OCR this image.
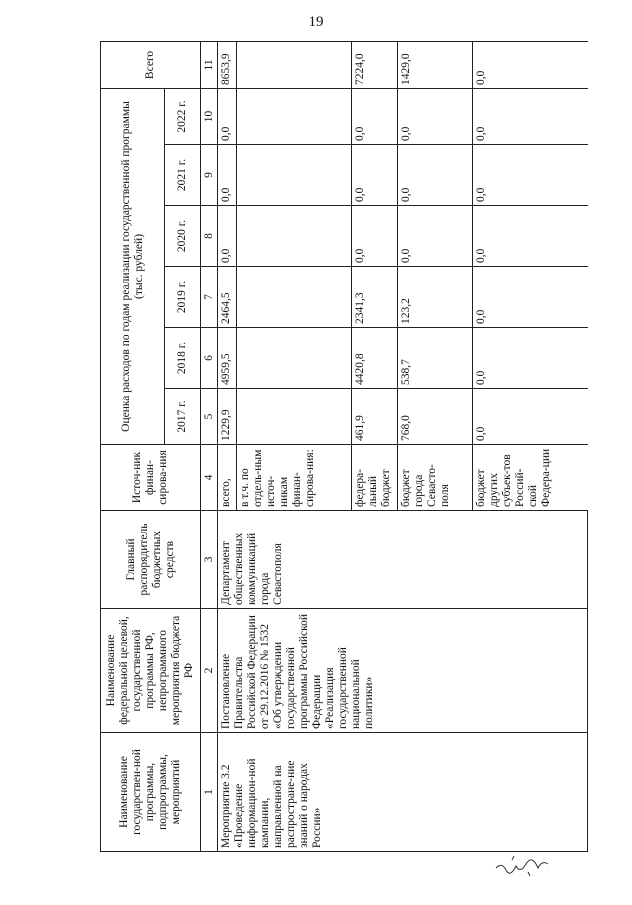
19
Наименование государствен-ной программы, подпрограммы, мероприятий	Наименование федеральной целевой, государственной программы РФ, непрограммного мероприятия бюджета РФ	Главный распорядитель бюджетных средств	Источ-ник финан-сирова-ния	Оценка расходов по годам реализации государственной программы (тыс. рублей)						Всего
				2017 г.	2018 г.	2019 г.	2020 г.	2021 г.	2022 г.	
1	2	3	4	5	6	7	8	9	10	11
Мероприятие 3.2 «Проведение информацион-ной кампании, направленной на распростране-ние знаний о народах России»	Постановление Правительства Российской Федерации от 29.12.2016 № 1532 «Об утверждении государственной программы Российской Федерации «Реализация государственной национальной политики»	Департамент общественных коммуникаций города Севастополя	всего,	1229,9	4959,5	2464,5	0,0	0,0	0,0	8653,9
			в т.ч. по отдель-ным источ-никам финан-сирова-ния:							
			федера-льный бюджет	461,9	4420,8	2341,3	0,0	0,0	0,0	7224,0
			бюджет города Севасто-поля	768,0	538,7	123,2	0,0	0,0	0,0	1429,0
			бюджет других субъек-тов Россий-ской Федера-ции	0,0	0,0	0,0	0,0	0,0	0,0	0,0
